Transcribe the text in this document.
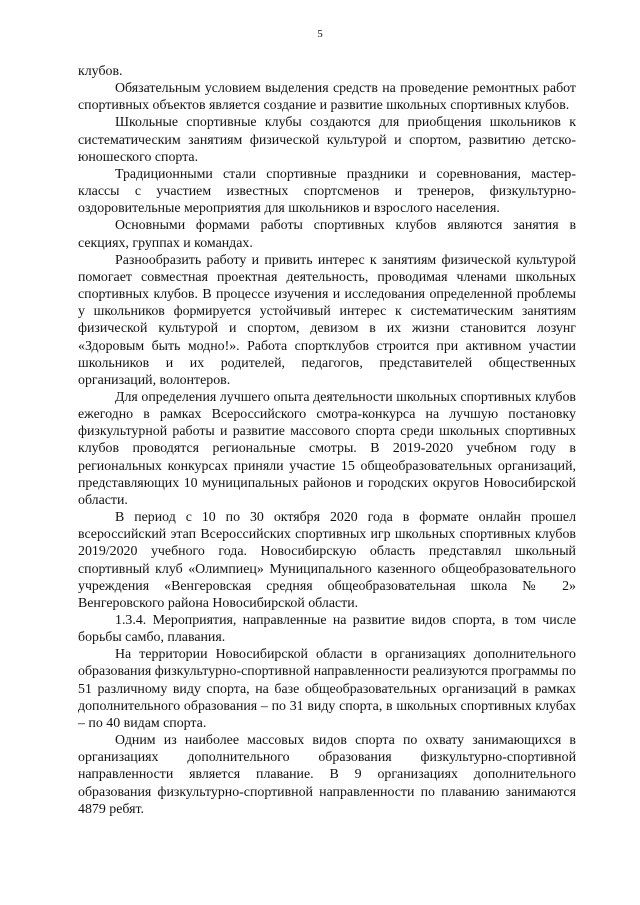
5

клубов.

Обязательным условием выделения средств на проведение ремонтных работ спортивных объектов является создание и развитие школьных спортивных клубов.

Школьные спортивные клубы создаются для приобщения школьников к систематическим занятиям физической культурой и спортом, развитию детско-юношеского спорта.

Традиционными стали спортивные праздники и соревнования, мастер-классы с участием известных спортсменов и тренеров, физкультурно-оздоровительные мероприятия для школьников и взрослого населения.

Основными формами работы спортивных клубов являются занятия в секциях, группах и командах.

Разнообразить работу и привить интерес к занятиям физической культурой помогает совместная проектная деятельность, проводимая членами школьных спортивных клубов. В процессе изучения и исследования определенной проблемы у школьников формируется устойчивый интерес к систематическим занятиям физической культурой и спортом, девизом в их жизни становится лозунг «Здоровым быть модно!». Работа спортклубов строится при активном участии школьников и их родителей, педагогов, представителей общественных организаций, волонтеров.

Для определения лучшего опыта деятельности школьных спортивных клубов ежегодно в рамках Всероссийского смотра-конкурса на лучшую постановку физкультурной работы и развитие массового спорта среди школьных спортивных клубов проводятся региональные смотры. В 2019-2020 учебном году в региональных конкурсах приняли участие 15 общеобразовательных организаций, представляющих 10 муниципальных районов и городских округов Новосибирской области.

В период с 10 по 30 октября 2020 года в формате онлайн прошел всероссийский этап Всероссийских спортивных игр школьных спортивных клубов 2019/2020 учебного года. Новосибирскую область представлял школьный спортивный клуб «Олимпиец» Муниципального казенного общеобразовательного учреждения «Венгеровская средняя общеобразовательная школа № 2» Венгеровского района Новосибирской области.

1.3.4. Мероприятия, направленные на развитие видов спорта, в том числе борьбы самбо, плавания.

На территории Новосибирской области в организациях дополнительного образования физкультурно-спортивной направленности реализуются программы по 51 различному виду спорта, на базе общеобразовательных организаций в рамках дополнительного образования – по 31 виду спорта, в школьных спортивных клубах – по 40 видам спорта.

Одним из наиболее массовых видов спорта по охвату занимающихся в организациях дополнительного образования физкультурно-спортивной направленности является плавание. В 9 организациях дополнительного образования физкультурно-спортивной направленности по плаванию занимаются 4879 ребят.
